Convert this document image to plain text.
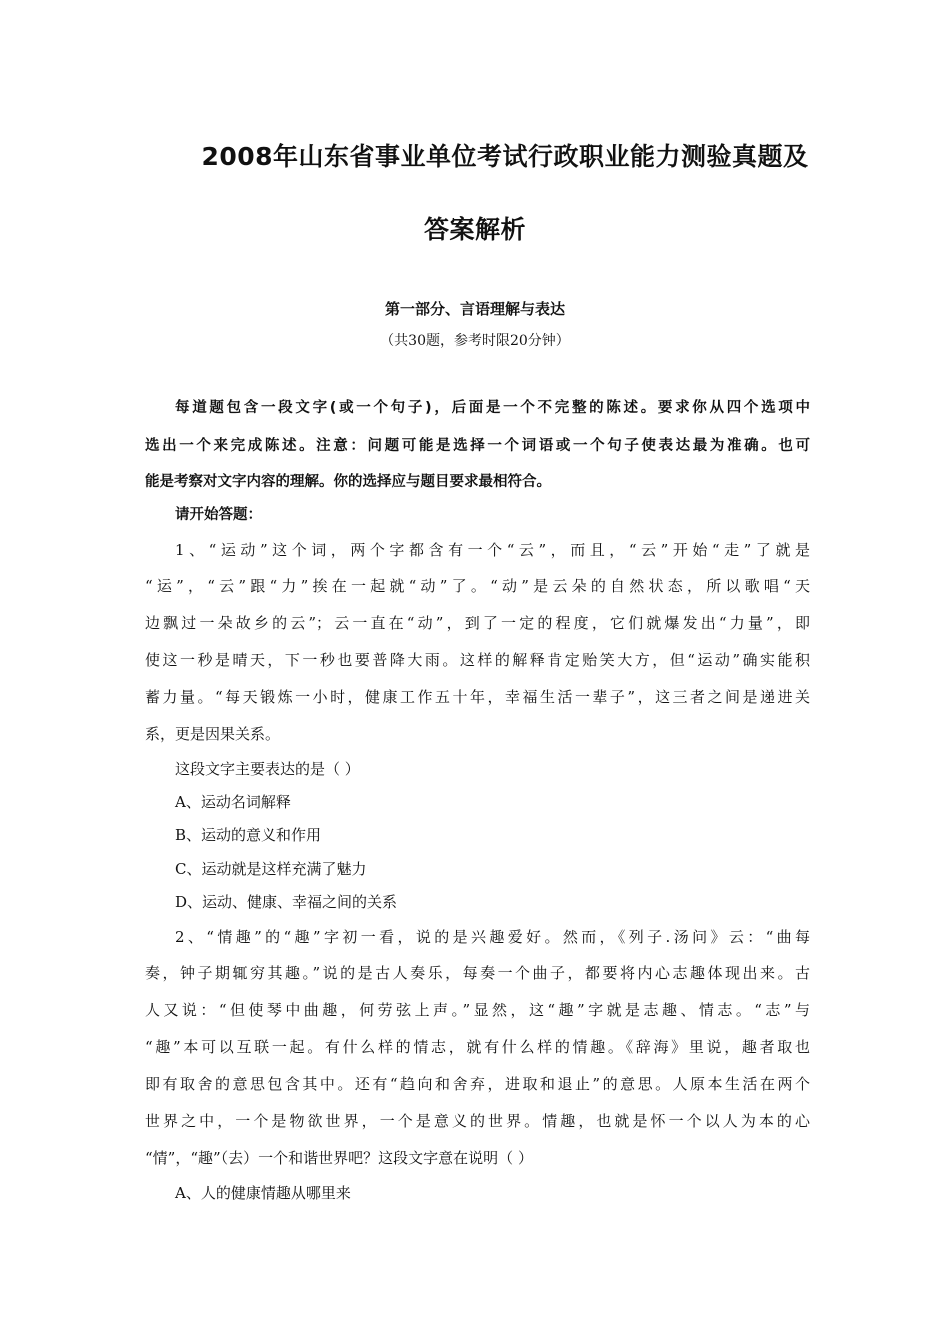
2008年山东省事业单位考试行政职业能力测验真题及
答案解析
第一部分、言语理解与表达
（共30题，参考时限20分钟）
每道题包含一段文字(或一个句子)，后面是一个不完整的陈述。要求你从四个选项中
选出一个来完成陈述。注意：问题可能是选择一个词语或一个句子使表达最为准确。也可
能是考察对文字内容的理解。你的选择应与题目要求最相符合。
请开始答题：
1、“运动”这个词，两个字都含有一个“云”，而且，“云”开始“走”了就是
“运”，“云”跟“力”挨在一起就“动”了。“动”是云朵的自然状态，所以歌唱“天
边飘过一朵故乡的云”；云一直在“动”，到了一定的程度，它们就爆发出“力量”，即
使这一秒是晴天，下一秒也要普降大雨。这样的解释肯定贻笑大方，但“运动”确实能积
蓄力量。“每天锻炼一小时，健康工作五十年，幸福生活一辈子”，这三者之间是递进关
系，更是因果关系。
这段文字主要表达的是（ ）
A、运动名词解释
B、运动的意义和作用
C、运动就是这样充满了魅力
D、运动、健康、幸福之间的关系
2、“情趣”的“趣”字初一看，说的是兴趣爱好。然而，《列子.汤问》云：“曲每
奏，钟子期辄穷其趣。”说的是古人奏乐，每奏一个曲子，都要将内心志趣体现出来。古
人又说：“但使琴中曲趣，何劳弦上声。”显然，这“趣”字就是志趣、情志。“志”与
“趣”本可以互联一起。有什么样的情志，就有什么样的情趣。《辞海》里说，趣者取也
即有取舍的意思包含其中。还有“趋向和舍弃，进取和退止”的意思。人原本生活在两个
世界之中，一个是物欲世界，一个是意义的世界。情趣，也就是怀一个以人为本的心
“情”，“趣”（去）一个和谐世界吧？这段文字意在说明（ ）
A、人的健康情趣从哪里来
